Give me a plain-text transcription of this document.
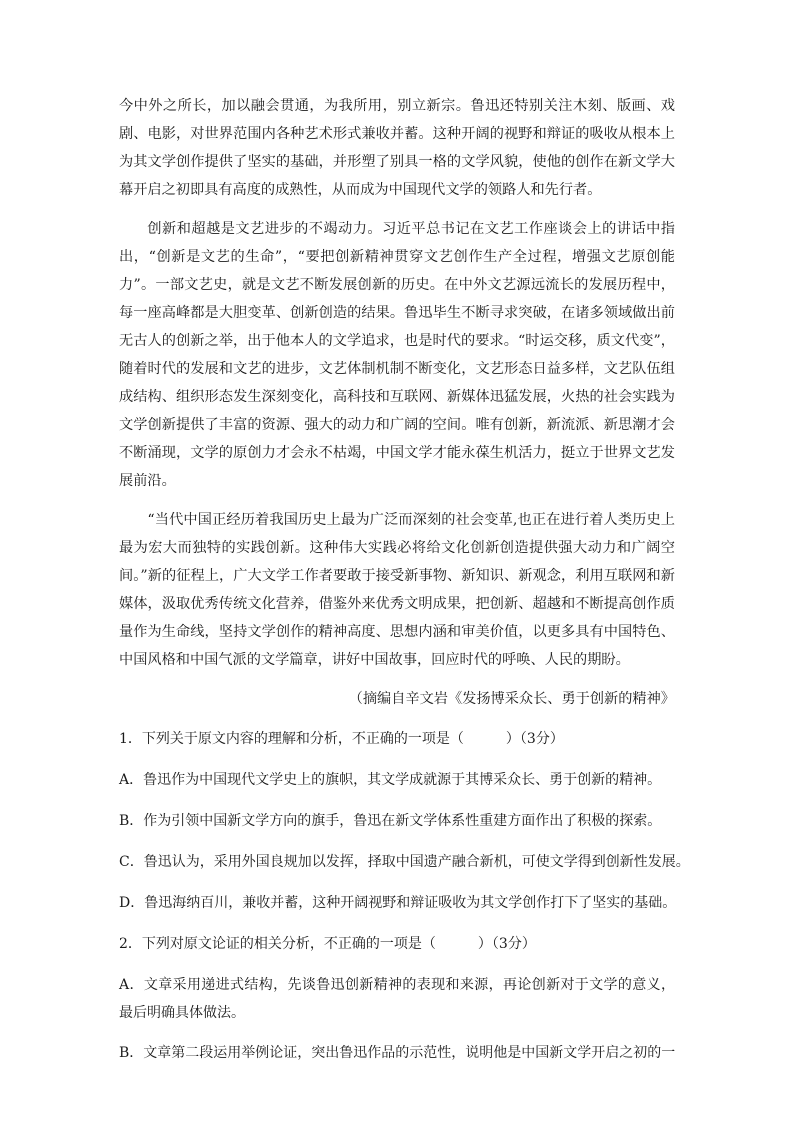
今中外之所长，加以融会贯通，为我所用，别立新宗。鲁迅还特别关注木刻、版画、戏剧、电影，对世界范围内各种艺术形式兼收并蓄。这种开阔的视野和辩证的吸收从根本上为其文学创作提供了坚实的基础，并形塑了别具一格的文学风貌，使他的创作在新文学大幕开启之初即具有高度的成熟性，从而成为中国现代文学的领路人和先行者。

创新和超越是文艺进步的不竭动力。习近平总书记在文艺工作座谈会上的讲话中指出，“创新是文艺的生命”，“要把创新精神贯穿文艺创作生产全过程，增强文艺原创能力”。一部文艺史，就是文艺不断发展创新的历史。在中外文艺源远流长的发展历程中，每一座高峰都是大胆变革、创新创造的结果。鲁迅毕生不断寻求突破，在诸多领域做出前无古人的创新之举，出于他本人的文学追求，也是时代的要求。“时运交移，质文代变”，随着时代的发展和文艺的进步，文艺体制机制不断变化，文艺形态日益多样，文艺队伍组成结构、组织形态发生深刻变化，高科技和互联网、新媒体迅猛发展，火热的社会实践为文学创新提供了丰富的资源、强大的动力和广阔的空间。唯有创新，新流派、新思潮才会不断涌现，文学的原创力才会永不枯竭，中国文学才能永葆生机活力，挺立于世界文艺发展前沿。

“当代中国正经历着我国历史上最为广泛而深刻的社会变革,也正在进行着人类历史上最为宏大而独特的实践创新。这种伟大实践必将给文化创新创造提供强大动力和广阔空间。”新的征程上，广大文学工作者要敢于接受新事物、新知识、新观念，利用互联网和新媒体，汲取优秀传统文化营养，借鉴外来优秀文明成果，把创新、超越和不断提高创作质量作为生命线，坚持文学创作的精神高度、思想内涵和审美价值，以更多具有中国特色、中国风格和中国气派的文学篇章，讲好中国故事，回应时代的呼唤、人民的期盼。

（摘编自辛文岩《发扬博采众长、勇于创新的精神》

1．下列关于原文内容的理解和分析，不正确的一项是（　　　）（3分）

A．鲁迅作为中国现代文学史上的旗帜，其文学成就源于其博采众长、勇于创新的精神。

B．作为引领中国新文学方向的旗手，鲁迅在新文学体系性重建方面作出了积极的探索。

C．鲁迅认为，采用外国良规加以发挥，择取中国遗产融合新机，可使文学得到创新性发展。

D．鲁迅海纳百川，兼收并蓄，这种开阔视野和辩证吸收为其文学创作打下了坚实的基础。

2．下列对原文论证的相关分析，不正确的一项是（　　　）（3分）

A．文章采用递进式结构，先谈鲁迅创新精神的表现和来源，再论创新对于文学的意义，最后明确具体做法。

B．文章第二段运用举例论证，突出鲁迅作品的示范性，说明他是中国新文学开启之初的一
